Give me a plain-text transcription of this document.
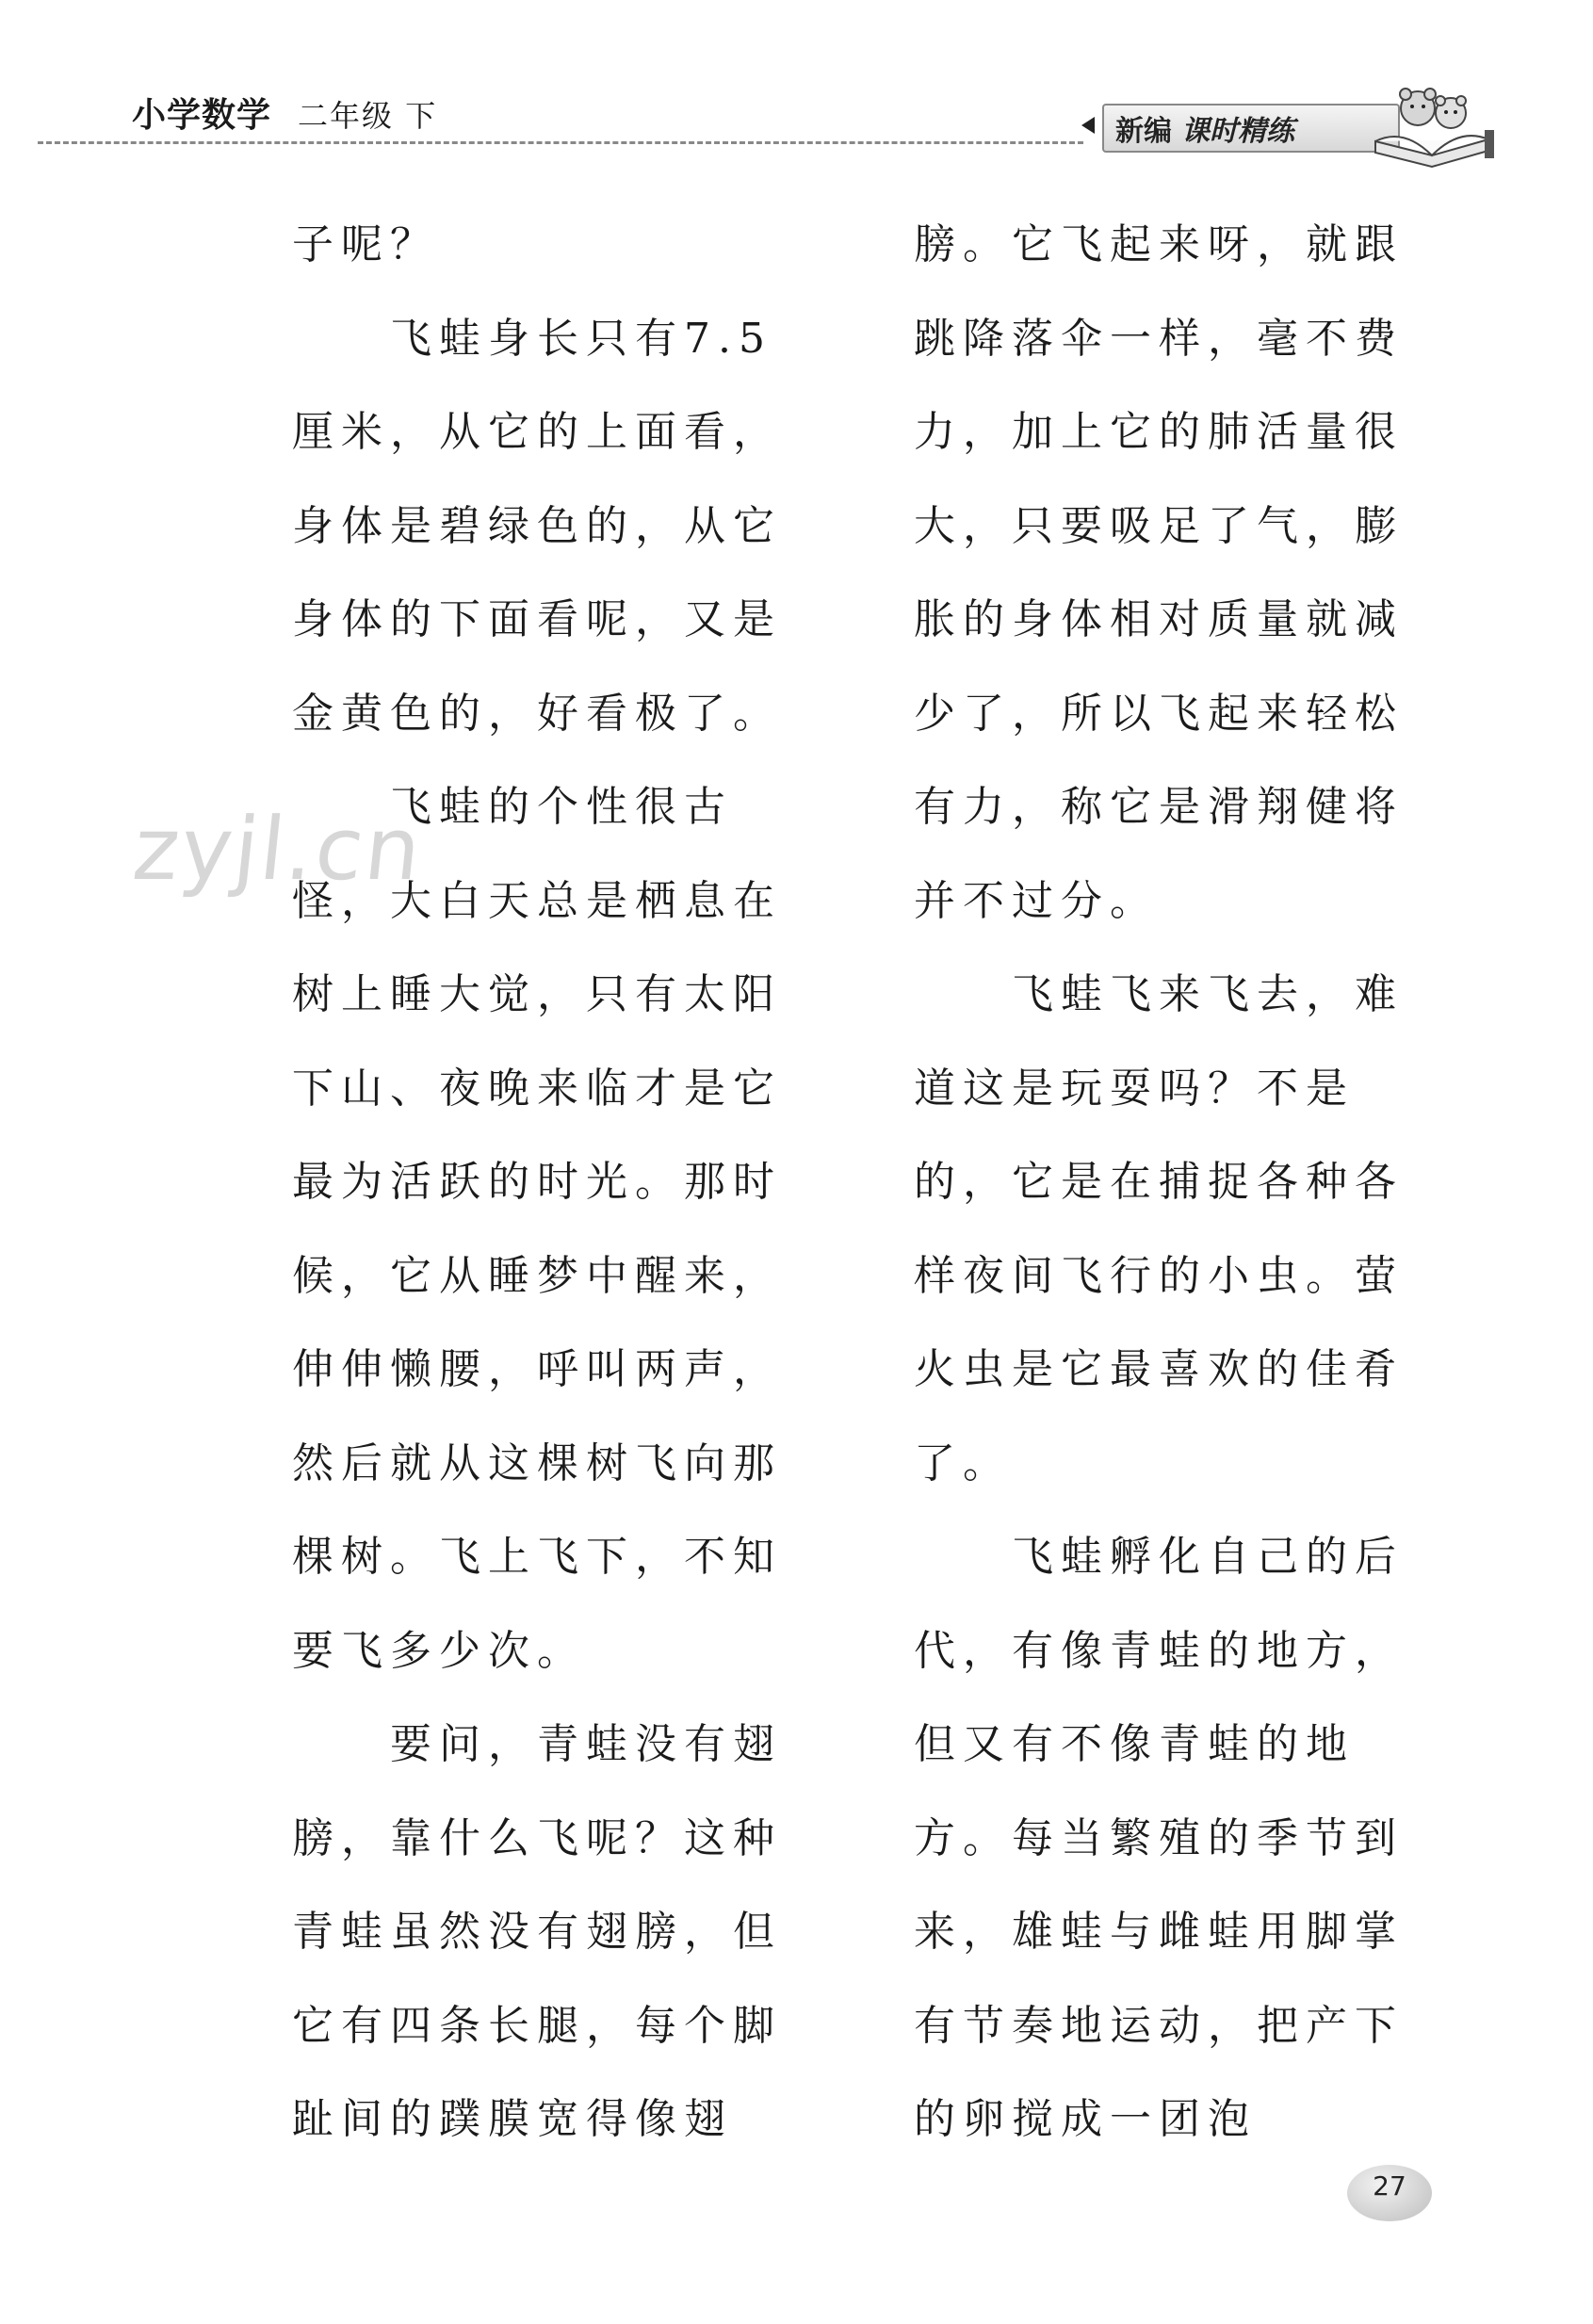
小学数学 二年级 下	新编 课时精练
zyjl.cn

子呢？

飞蛙身长只有7.5厘米，从它的上面看，身体是碧绿色的，从它身体的下面看呢，又是金黄色的，好看极了。

飞蛙的个性很古怪，大白天总是栖息在树上睡大觉，只有太阳下山、夜晚来临才是它最为活跃的时光。那时候，它从睡梦中醒来，伸伸懒腰，呼叫两声，然后就从这棵树飞向那棵树。飞上飞下，不知要飞多少次。

要问，青蛙没有翅膀，靠什么飞呢？这种青蛙虽然没有翅膀，但它有四条长腿，每个脚趾间的蹼膜宽得像翅

膀。它飞起来呀，就跟跳降落伞一样，毫不费力，加上它的肺活量很大，只要吸足了气，膨胀的身体相对质量就减少了，所以飞起来轻松有力，称它是滑翔健将并不过分。

飞蛙飞来飞去，难道这是玩耍吗？不是的，它是在捕捉各种各样夜间飞行的小虫。萤火虫是它最喜欢的佳肴了。

飞蛙孵化自己的后代，有像青蛙的地方，但又有不像青蛙的地方。每当繁殖的季节到来，雄蛙与雌蛙用脚掌有节奏地运动，把产下的卵搅成一团泡

27
